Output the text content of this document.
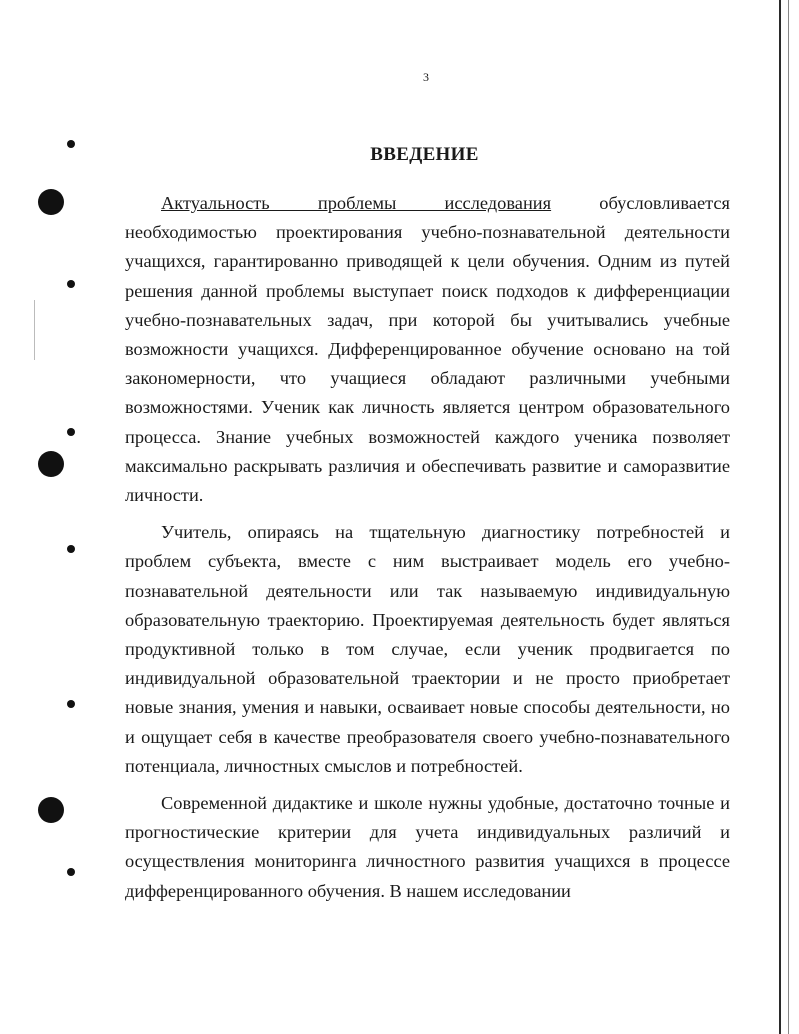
3
ВВЕДЕНИЕ

Актуальность проблемы исследования обусловливается необходимостью проектирования учебно-познавательной деятельности учащихся, гарантированно приводящей к цели обучения. Одним из путей решения данной проблемы выступает поиск подходов к дифференциации учебно-познавательных задач, при которой бы учитывались учебные возможности учащихся. Дифференцированное обучение основано на той закономерности, что учащиеся обладают различными учебными возможностями. Ученик как личность является центром образовательного процесса. Знание учебных возможностей каждого ученика позволяет максимально раскрывать различия и обеспечивать развитие и саморазвитие личности.

Учитель, опираясь на тщательную диагностику потребностей и проблем субъекта, вместе с ним выстраивает модель его учебно-познавательной деятельности или так называемую индивидуальную образовательную траекторию. Проектируемая деятельность будет являться продуктивной только в том случае, если ученик продвигается по индивидуальной образовательной траектории и не просто приобретает новые знания, умения и навыки, осваивает новые способы деятельности, но и ощущает себя в качестве преобразователя своего учебно-познавательного потенциала, личностных смыслов и потребностей.

Современной дидактике и школе нужны удобные, достаточно точные и прогностические критерии для учета индивидуальных различий и осуществления мониторинга личностного развития учащихся в процессе дифференцированного обучения. В нашем исследовании
